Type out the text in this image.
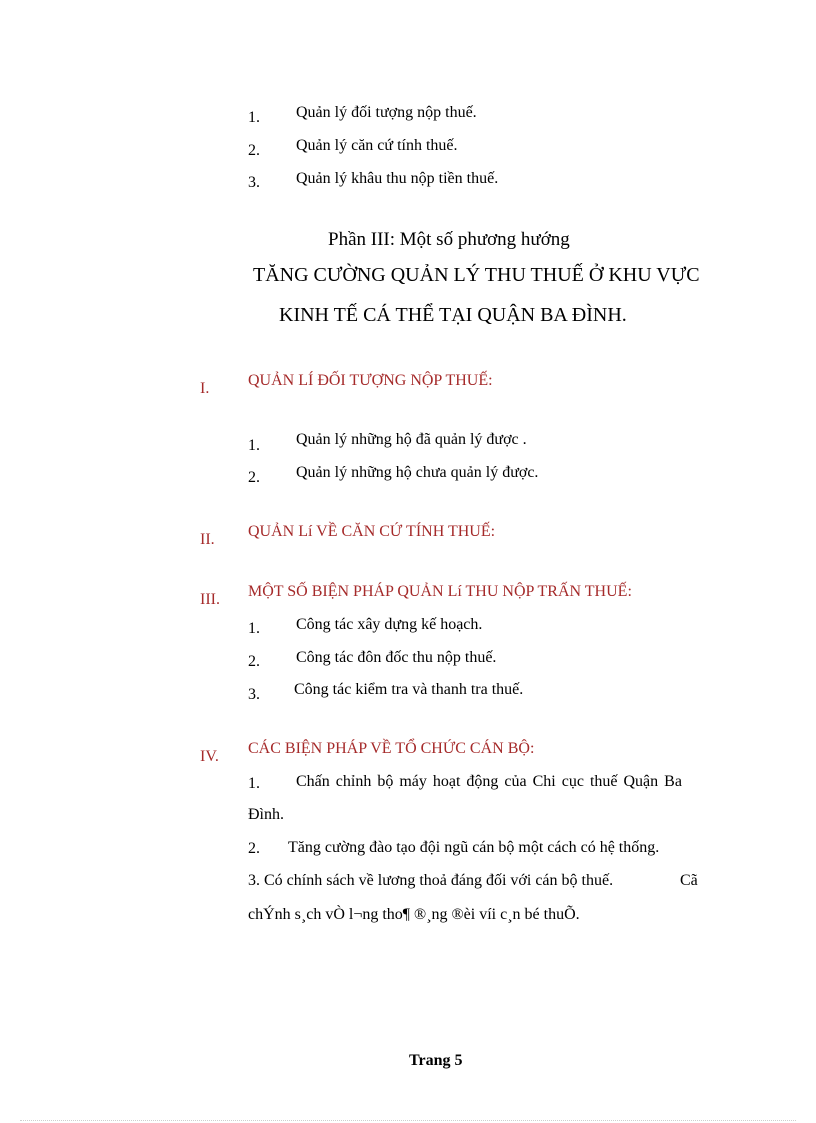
1. Quản lý đối tượng nộp thuế.
2. Quản lý căn cứ tính thuế.
3. Quản lý khâu thu nộp tiền thuế.
Phần III: Một số phương hướng
TĂNG CƯỜNG QUẢN LÝ THU THUẾ Ở KHU VỰC
KINH TẾ CÁ THỂ TẠI QUẬN BA ĐÌNH.
I. QUẢN LÍ ĐỐI TƯỢNG NỘP THUẾ:
1. Quản lý những hộ đã quản lý được .
2. Quản lý những hộ chưa quản lý được.
II. QUẢN Lí VỀ CĂN CỨ TÍNH THUẾ:
III. MỘT SỐ BIỆN PHÁP QUẢN Lí THU NỘP TRẤN THUẾ:
1. Công tác xây dựng kế hoạch.
2. Công tác đôn đốc thu nộp thuế.
3. Công tác kiểm tra và thanh tra thuế.
IV. CÁC BIỆN PHÁP VỀ TỔ CHỨC CÁN BỘ:
1. Chấn chỉnh bộ máy hoạt động của Chi cục thuế Quận Ba
Đình.
2. Tăng cường đào tạo đội ngũ cán bộ một cách có hệ thống.
3. Có chính sách về lương thoả đáng đối với cán bộ thuế.	Cã
chÝnh s¸ch vÒ l¬ng tho¶ ®¸ng ®èi víi c¸n bé thuÕ.
Trang 5
